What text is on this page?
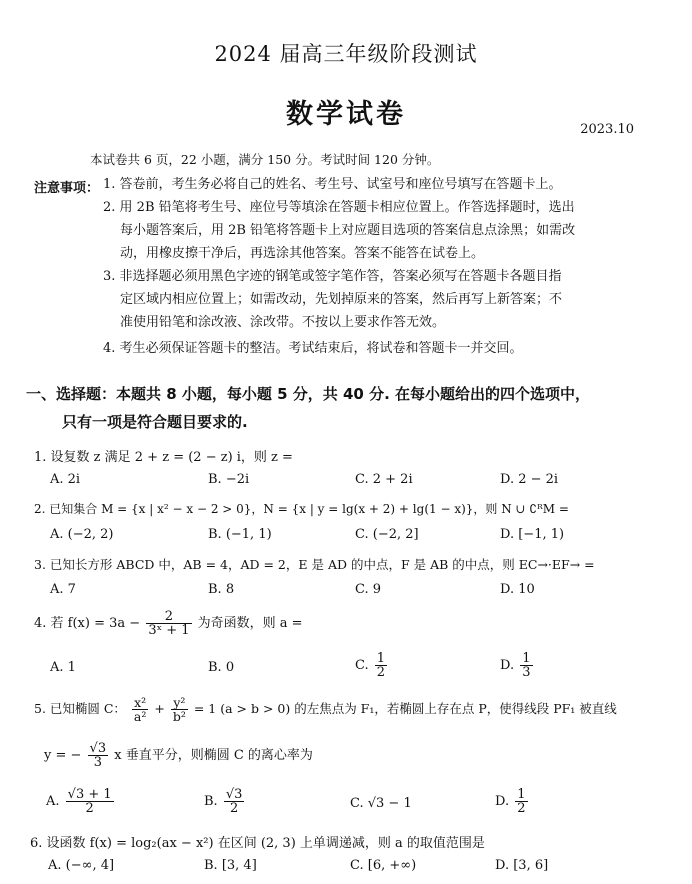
2024 届高三年级阶段测试
数学试卷	2023.10
本试卷共 6 页，22 小题，满分 150 分。考试时间 120 分钟。
注意事项： 1. 答卷前，考生务必将自己的姓名、考生号、试室号和座位号填写在答题卡上。
2. 用 2B 铅笔将考生号、座位号等填涂在答题卡相应位置上。作答选择题时，选出
每小题答案后，用 2B 铅笔将答题卡上对应题目选项的答案信息点涂黑；如需改
动，用橡皮擦干净后，再选涂其他答案。答案不能答在试卷上。
3. 非选择题必须用黑色字迹的钢笔或签字笔作答，答案必须写在答题卡各题目指
定区域内相应位置上；如需改动，先划掉原来的答案，然后再写上新答案；不
准使用铅笔和涂改液、涂改带。不按以上要求作答无效。
4. 考生必须保证答题卡的整洁。考试结束后，将试卷和答题卡一并交回。
一、选择题：本题共 8 小题，每小题 5 分，共 40 分. 在每小题给出的四个选项中，
只有一项是符合题目要求的.
1. 设复数 z 满足 2 + z = (2 − z) i，则 z =
A. 2i	B. −2i	C. 2 + 2i	D. 2 − 2i
2. 已知集合 M = {x | x² − x − 2 > 0}，N = {x | y = lg(x + 2) + lg(1 − x)}，则 N ∪ ∁ᴿM =
A. (−2, 2)	B. (−1, 1)	C. (−2, 2]	D. [−1, 1)
3. 已知长方形 ABCD 中，AB = 4，AD = 2，E 是 AD 的中点，F 是 AB 的中点，则 EC→·EF→ =
A. 7	B. 8	C. 9	D. 10
4. 若 $f(x) = 3a - \frac{2}{\text{3ˣ + 1}}$ 为奇函数，则 a =
A. 1	B. 0	C. $\frac{1}{2}$	D. $\frac{1}{3}$
5. 已知椭圆 C： $\frac{\text{x²}}{\text{a²}} + \frac{\text{y²}}{\text{b²}} = 1$ (a > b > 0) 的左焦点为 F₁，若椭圆上存在点 P，使得线段 PF₁ 被直线
y = − $\frac{√3}{3}$ x 垂直平分，则椭圆 C 的离心率为
A. $\frac{√3 + 1}{2}$	B. $\frac{√3}{2}$	C. √3 − 1	D. $\frac{1}{2}$
6. 设函数 f(x) = log₂(ax − x²) 在区间 (2, 3) 上单调递减，则 a 的取值范围是
A. (−∞, 4]	B. [3, 4]	C. [6, +∞)	D. [3, 6]
